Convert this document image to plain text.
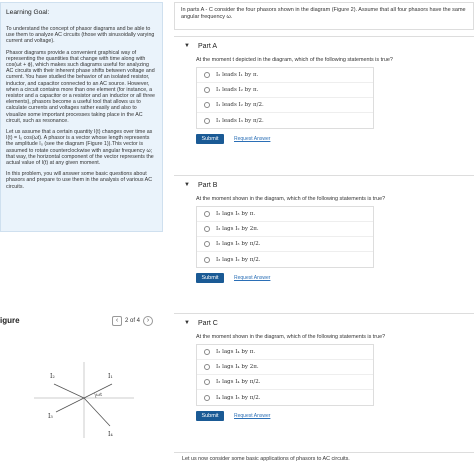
Learning Goal:

To understand the concept of phasor diagrams and be able to use them to analyze AC circuits (those with sinusoidally varying current and voltage).

Phasor diagrams provide a convenient graphical way of representing the quantities that change with time along with cos(ωt + ϕ), which makes such diagrams useful for analyzing AC circuits with their inherent phase shifts between voltage and current. You have studied the behavior of an isolated resistor, inductor, and capacitor connected to an AC source. However, when a circuit contains more than one element (for instance, a resistor and a capacitor or a resistor and an inductor or all three elements), phasors become a useful tool that allows us to calculate currents and voltages rather easily and also to visualize some important processes taking place in the AC circuit, such as resonance.

Let us assume that a certain quantity I(t) changes over time as I(t) = I₀ cos(ωt). A phasor is a vector whose length represents the amplitude I₀ (see the diagram (Figure 1)).This vector is assumed to rotate counterclockwise with angular frequency ω; that way, the horizontal component of the vector represents the actual value of I(t) at any given moment.

In this problem, you will answer some basic questions about phasors and prepare to use them in the analysis of various AC circuits.

igure	‹	2 of 4 ›
I₁
I₂
I₃
I₄
ωt
In parts A - C consider the four phasors shown in the diagram (Figure 2). Assume that all four phasors have the same angular frequency ω.
▼ Part A
At the moment t depicted in the diagram, which of the following statements is true?
I₂ leads I₁ by π.
I₁ leads I₂ by π.
I₁ leads I₂ by π/2.
I₁ leads I₃ by π/2.
Submit	Request Answer
▼ Part B
At the moment shown in the diagram, which of the following statements is true?
I₂ lags I₃ by π.
I₃ lags I₂ by 2π.
I₂ lags I₃ by π/2.
I₃ lags I₂ by π/2.
Submit	Request Answer
▼ Part C
At the moment shown in the diagram, which of the following statements is true?
I₃ lags I₄ by π.
I₃ lags I₄ by 2π.
I₃ lags I₄ by π/2.
I₄ lags I₃ by π/2.
Submit	Request Answer
Let us now consider some basic applications of phasors to AC circuits.
